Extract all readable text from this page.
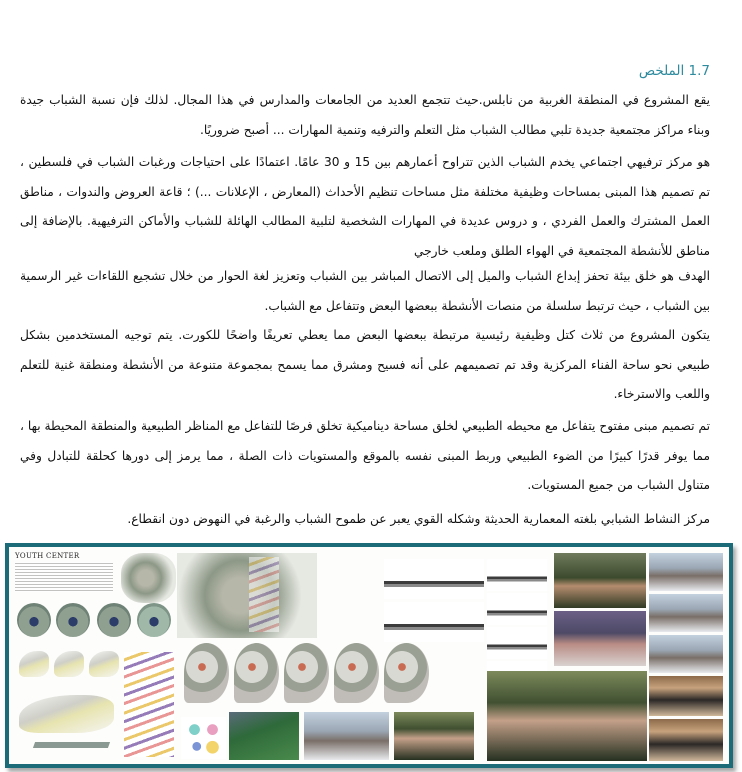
1.7 الملخص

يقع المشروع في المنطقة الغربية من نابلس.حيث تتجمع العديد من الجامعات والمدارس في هذا المجال. لذلك فإن نسبة الشباب جيدة وبناء مراكز مجتمعية جديدة تلبي مطالب الشباب مثل التعلم والترفيه وتنمية المهارات ... أصبح ضروريًا.

هو مركز ترفيهي اجتماعي يخدم الشباب الذين تتراوح أعمارهم بين 15 و 30 عامًا. اعتمادًا على احتياجات ورغبات الشباب في فلسطين ، تم تصميم هذا المبنى بمساحات وظيفية مختلفة مثل مساحات تنظيم الأحداث (المعارض ، الإعلانات ...) ؛ قاعة العروض والندوات ، مناطق العمل المشترك والعمل الفردي ، و دروس عديدة في المهارات الشخصية لتلبية المطالب الهائلة للشباب والأماكن الترفيهية. بالإضافة إلى مناطق للأنشطة المجتمعية في الهواء الطلق وملعب خارجي

الهدف هو خلق بيئة تحفز إبداع الشباب والميل إلى الاتصال المباشر بين الشباب وتعزيز لغة الحوار من خلال تشجيع اللقاءات غير الرسمية بين الشباب ، حيث ترتبط سلسلة من منصات الأنشطة ببعضها البعض وتتفاعل مع الشباب.

يتكون المشروع من ثلاث كتل وظيفية رئيسية مرتبطة ببعضها البعض مما يعطي تعريفًا واضحًا للكورت. يتم توجيه المستخدمين بشكل طبيعي نحو ساحة الفناء المركزية وقد تم تصميمهم على أنه فسيح ومشرق مما يسمح بمجموعة متنوعة من الأنشطة ومنطقة غنية للتعلم واللعب والاسترخاء.

تم تصميم مبنى مفتوح يتفاعل مع محيطه الطبيعي لخلق مساحة ديناميكية تخلق فرصًا للتفاعل مع المناظر الطبيعية والمنطقة المحيطة بها ، مما يوفر قدرًا كبيرًا من الضوء الطبيعي وربط المبنى نفسه بالموقع والمستويات ذات الصلة ، مما يرمز إلى دورها كحلقة للتبادل وفي متناول الشباب من جميع المستويات.

مركز النشاط الشبابي بلغته المعمارية الحديثة وشكله القوي يعبر عن طموح الشباب والرغبة في النهوض دون انقطاع.

YOUTH CENTER
